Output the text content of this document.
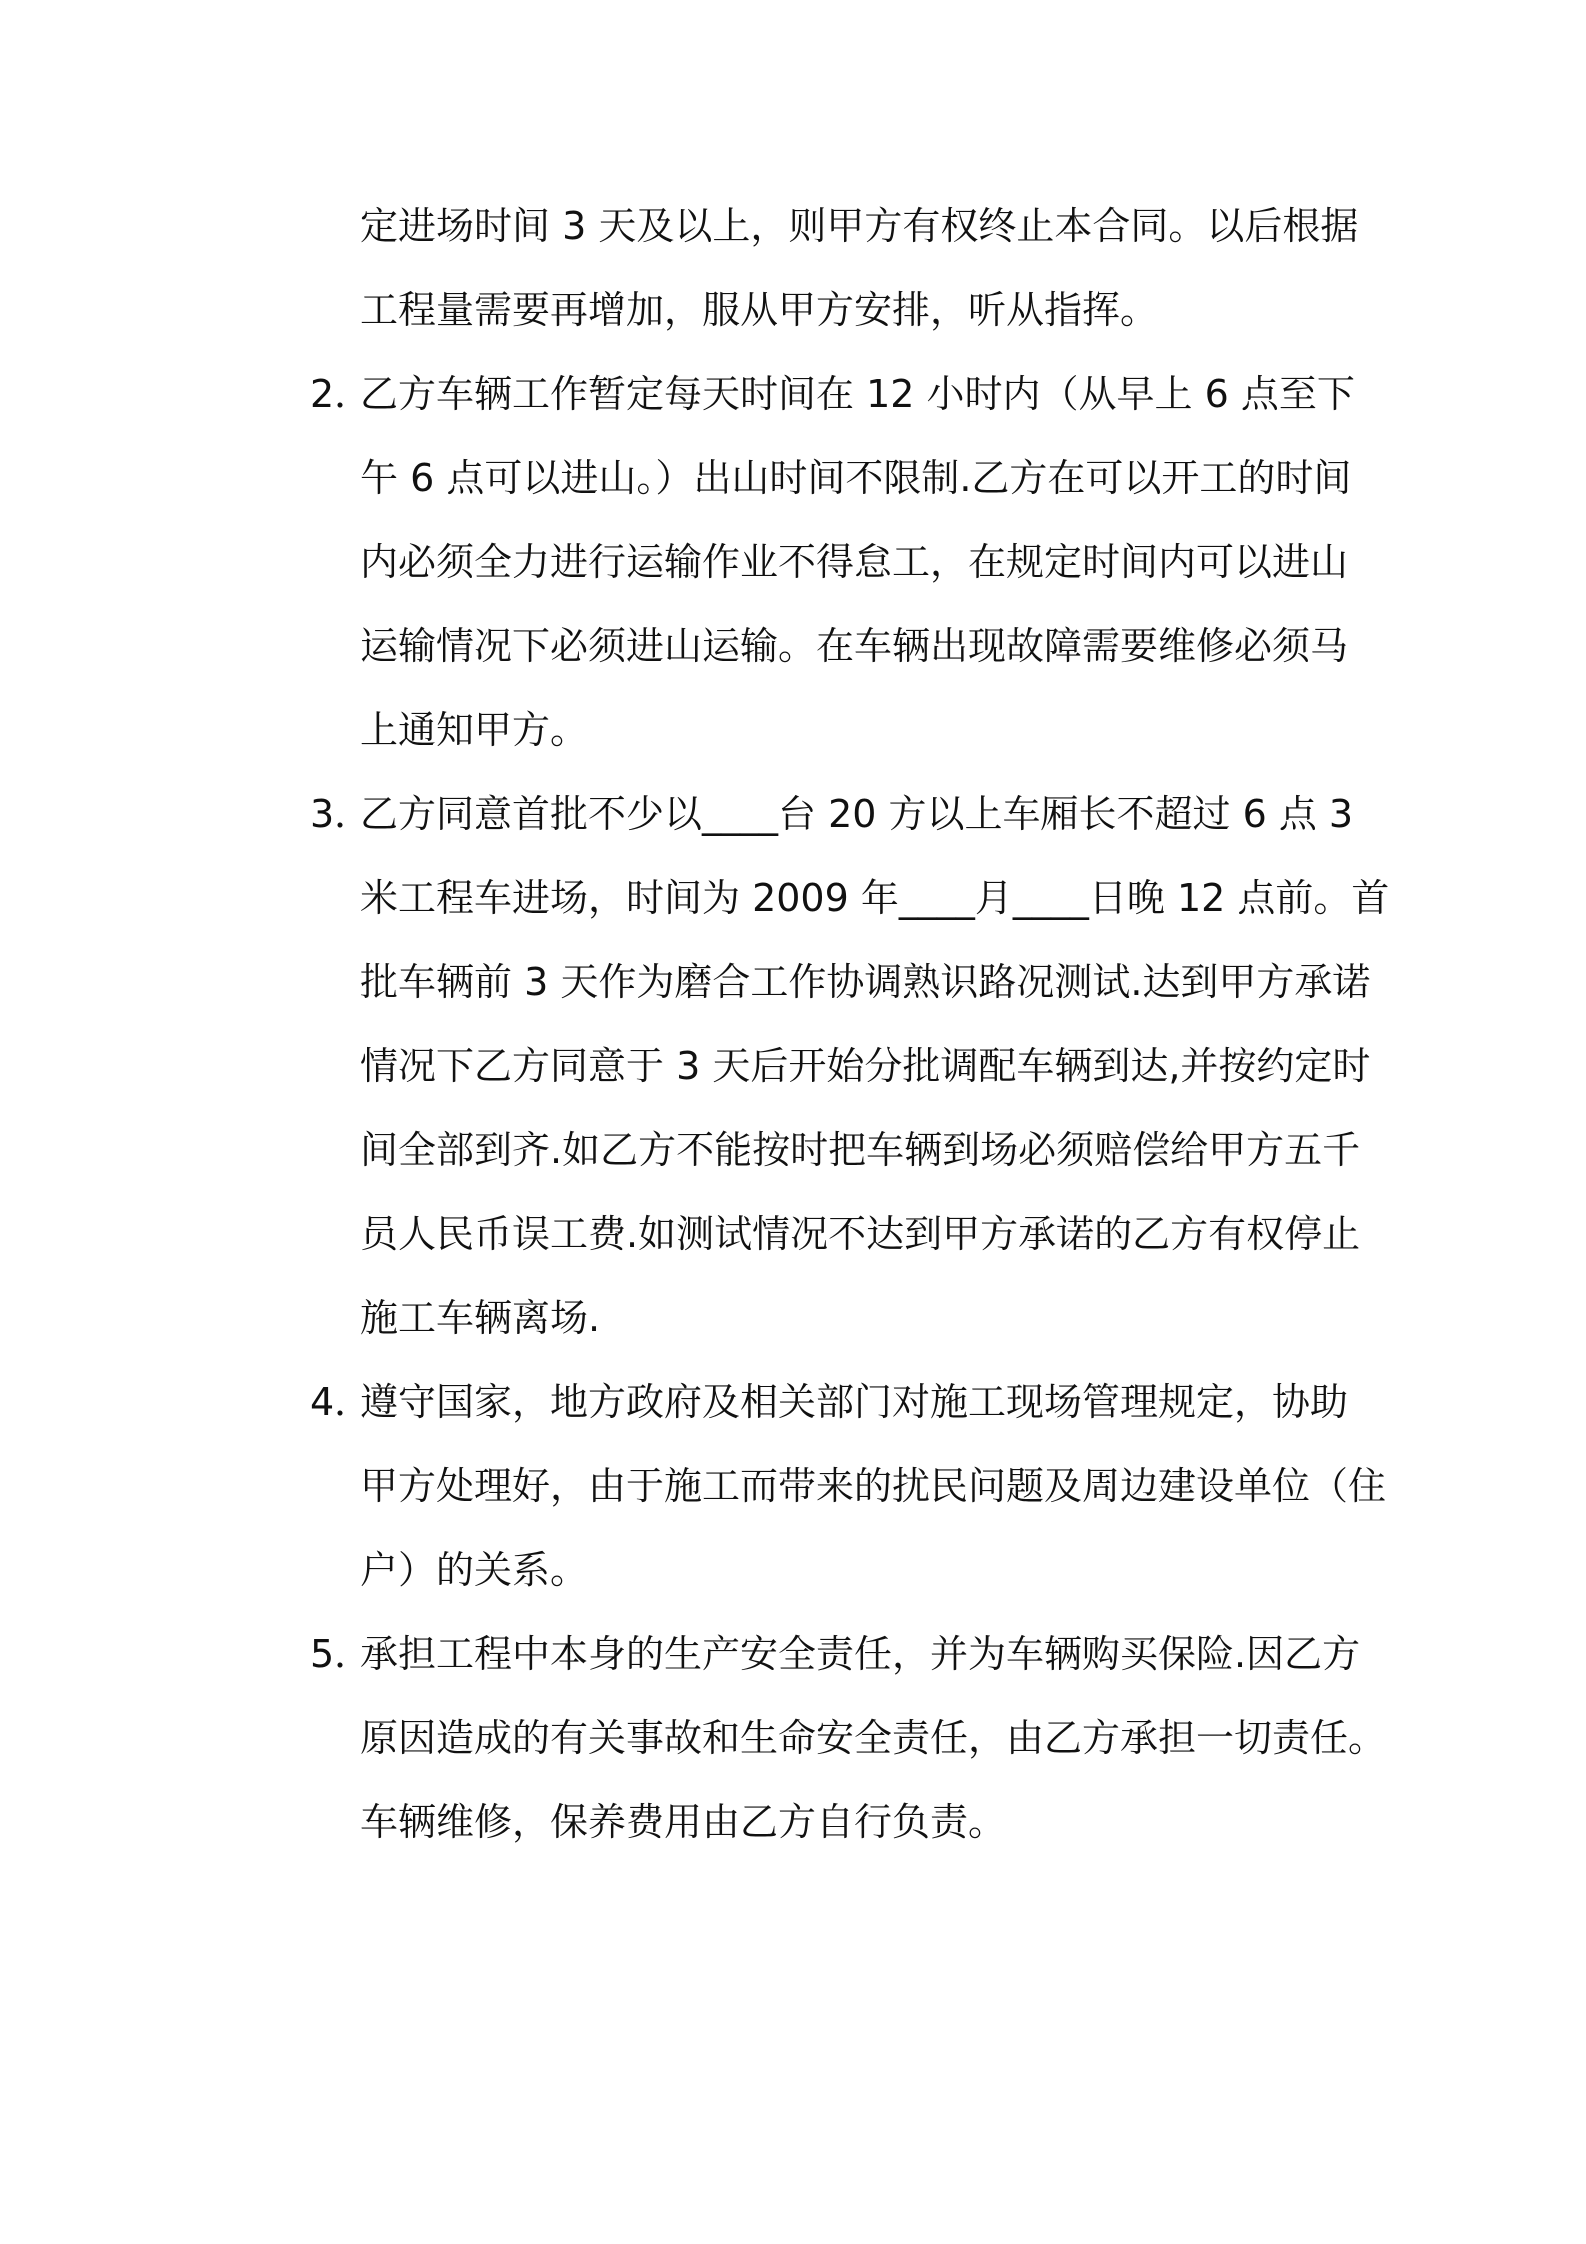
定进场时间 3 天及以上，则甲方有权终止本合同。以后根据
工程量需要再增加，服从甲方安排，听从指挥。
2．
乙方车辆工作暂定每天时间在 12 小时内（从早上 6 点至下
午 6 点可以进山。）出山时间不限制.乙方在可以开工的时间
内必须全力进行运输作业不得怠工，在规定时间内可以进山
运输情况下必须进山运输。在车辆出现故障需要维修必须马
上通知甲方。
3．
乙方同意首批不少以____台 20 方以上车厢长不超过 6 点 3
米工程车进场，时间为 2009 年____月____日晚 12 点前。首
批车辆前 3 天作为磨合工作协调熟识路况测试.达到甲方承诺
情况下乙方同意于 3 天后开始分批调配车辆到达,并按约定时
间全部到齐.如乙方不能按时把车辆到场必须赔偿给甲方五千
员人民币误工费.如测试情况不达到甲方承诺的乙方有权停止
施工车辆离场.
4．
遵守国家，地方政府及相关部门对施工现场管理规定，协助
甲方处理好，由于施工而带来的扰民问题及周边建设单位（住
户）的关系。
5．
承担工程中本身的生产安全责任，并为车辆购买保险.因乙方
原因造成的有关事故和生命安全责任，由乙方承担一切责任。
车辆维修，保养费用由乙方自行负责。
